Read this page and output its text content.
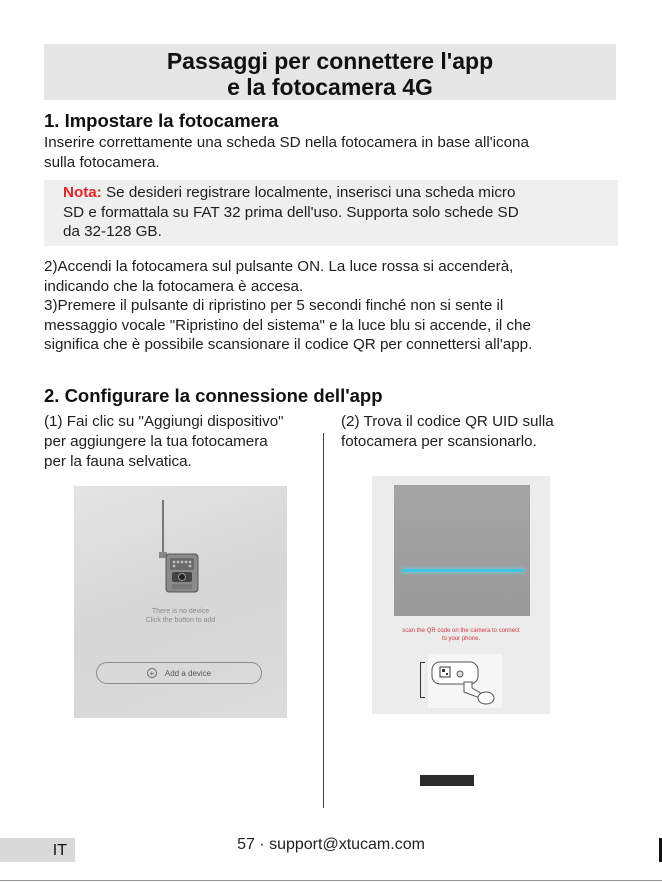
Passaggi per connettere l'app
e la fotocamera 4G
1. Impostare la fotocamera
Inserire correttamente una scheda SD nella fotocamera in base all'icona
sulla fotocamera.
Nota: Se desideri registrare localmente, inserisci una scheda micro
SD e formattala su FAT 32 prima dell'uso. Supporta solo schede SD
da 32-128 GB.
2)Accendi la fotocamera sul pulsante ON. La luce rossa si accenderà,
indicando che la fotocamera è accesa.
3)Premere il pulsante di ripristino per 5 secondi finché non si sente il
messaggio vocale "Ripristino del sistema" e la luce blu si accende, il che
significa che è possibile scansionare il codice QR per connettersi all'app.
2. Configurare la connessione dell'app
(1) Fai clic su "Aggiungi dispositivo"
per aggiungere la tua fotocamera
per la fauna selvatica.
(2) Trova il codice QR UID sulla
fotocamera per scansionarlo.
There is no device
Click the button to add
+	Add a device
scan the QR code on the camera to connect
to your phone.
57 · support@xtucam.com
IT
